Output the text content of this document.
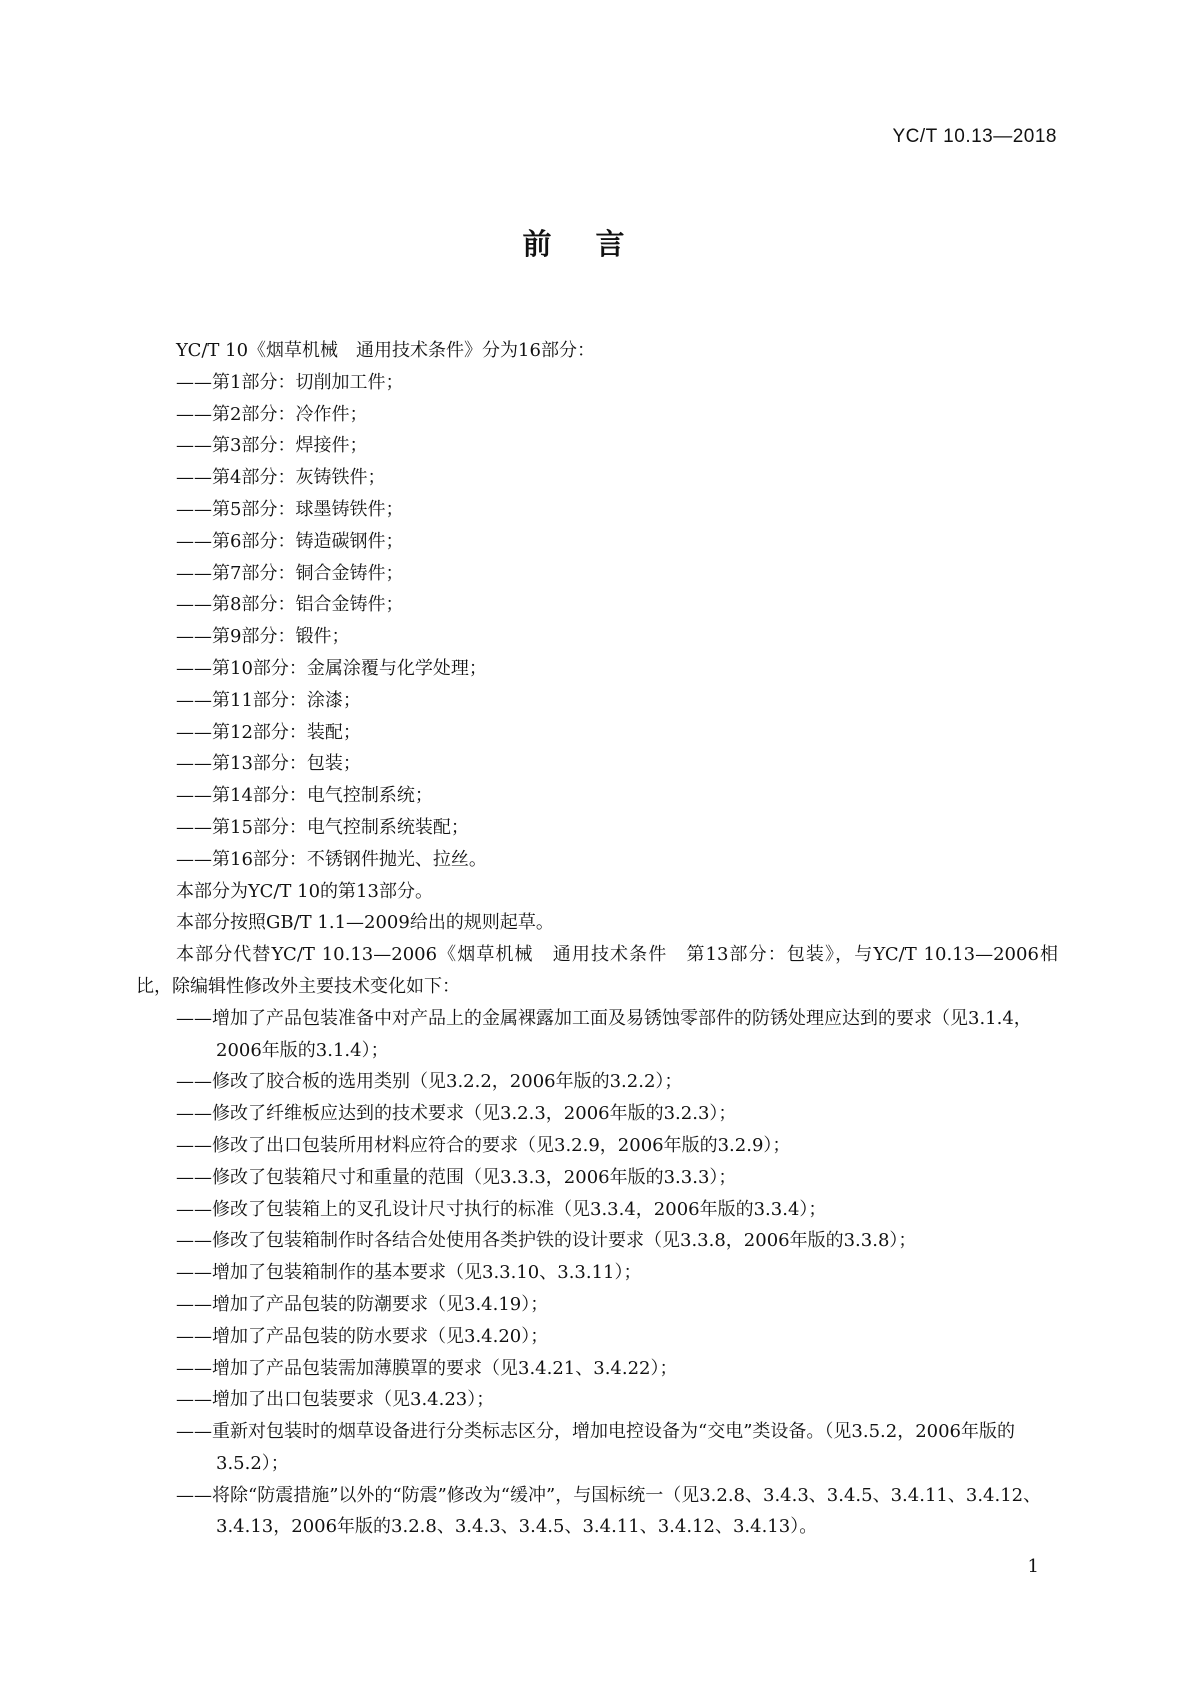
YC/T 10.13—2018
前言
YC/T 10《烟草机械　通用技术条件》分为16部分：
——第1部分：切削加工件；
——第2部分：冷作件；
——第3部分：焊接件；
——第4部分：灰铸铁件；
——第5部分：球墨铸铁件；
——第6部分：铸造碳钢件；
——第7部分：铜合金铸件；
——第8部分：铝合金铸件；
——第9部分：锻件；
——第10部分：金属涂覆与化学处理；
——第11部分：涂漆；
——第12部分：装配；
——第13部分：包装；
——第14部分：电气控制系统；
——第15部分：电气控制系统装配；
——第16部分：不锈钢件抛光、拉丝。
本部分为YC/T 10的第13部分。
本部分按照GB/T 1.1—2009给出的规则起草。
本部分代替YC/T 10.13—2006《烟草机械　通用技术条件　第13部分：包装》，与YC/T 10.13—2006相比，除编辑性修改外主要技术变化如下：
——增加了产品包装准备中对产品上的金属裸露加工面及易锈蚀零部件的防锈处理应达到的要求（见3.1.4，2006年版的3.1.4）；
——修改了胶合板的选用类别（见3.2.2，2006年版的3.2.2）；
——修改了纤维板应达到的技术要求（见3.2.3，2006年版的3.2.3）；
——修改了出口包装所用材料应符合的要求（见3.2.9，2006年版的3.2.9）；
——修改了包装箱尺寸和重量的范围（见3.3.3，2006年版的3.3.3）；
——修改了包装箱上的叉孔设计尺寸执行的标准（见3.3.4，2006年版的3.3.4）；
——修改了包装箱制作时各结合处使用各类护铁的设计要求（见3.3.8，2006年版的3.3.8）；
——增加了包装箱制作的基本要求（见3.3.10、3.3.11）；
——增加了产品包装的防潮要求（见3.4.19）；
——增加了产品包装的防水要求（见3.4.20）；
——增加了产品包装需加薄膜罩的要求（见3.4.21、3.4.22）；
——增加了出口包装要求（见3.4.23）；
——重新对包装时的烟草设备进行分类标志区分，增加电控设备为“交电”类设备。（见3.5.2，2006年版的3.5.2）；
——将除“防震措施”以外的“防震”修改为“缓冲”，与国标统一（见3.2.8、3.4.3、3.4.5、3.4.11、3.4.12、3.4.13，2006年版的3.2.8、3.4.3、3.4.5、3.4.11、3.4.12、3.4.13）。
1
